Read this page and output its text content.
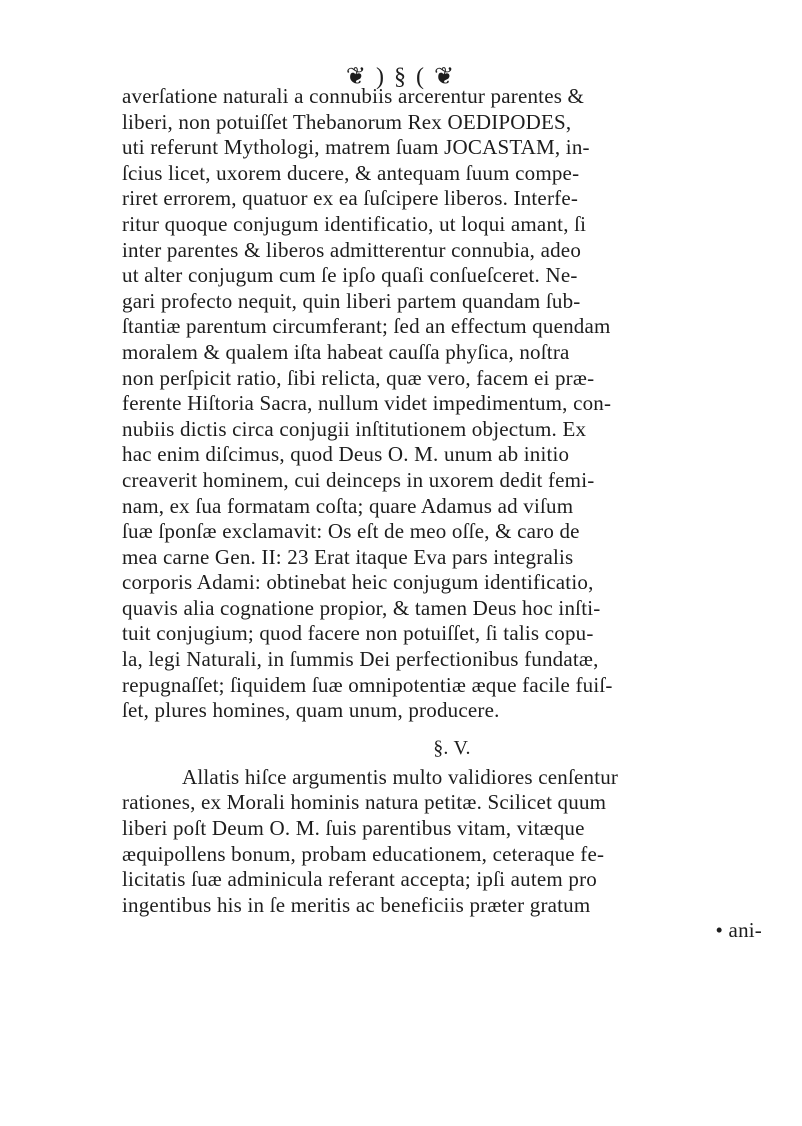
❦ ) § ( ❦
averſatione naturali a connubiis arcerentur parentes &
liberi, non potuiſſet Thebanorum Rex OEDIPODES,
uti referunt Mythologi, matrem ſuam JOCASTAM, in-
ſcius licet, uxorem ducere, & antequam ſuum compe-
riret errorem, quatuor ex ea ſuſcipere liberos. Interfe-
ritur quoque conjugum identificatio, ut loqui amant, ſi
inter parentes & liberos admitterentur connubia, adeo
ut alter conjugum cum ſe ipſo quaſi conſueſceret. Ne-
gari profecto nequit, quin liberi partem quandam ſub-
ſtantiæ parentum circumferant; ſed an effectum quendam
moralem & qualem iſta habeat cauſſa phyſica, noſtra
non perſpicit ratio, ſibi relicta, quæ vero, facem ei præ-
ferente Hiſtoria Sacra, nullum videt impedimentum, con-
nubiis dictis circa conjugii inſtitutionem objectum. Ex
hac enim diſcimus, quod Deus O. M. unum ab initio
creaverit hominem, cui deinceps in uxorem dedit femi-
nam, ex ſua formatam coſta; quare Adamus ad viſum
ſuæ ſponſæ exclamavit: Os eſt de meo oſſe, & caro de
mea carne Gen. II: 23 Erat itaque Eva pars integralis
corporis Adami: obtinebat heic conjugum identificatio,
quavis alia cognatione propior, & tamen Deus hoc inſti-
tuit conjugium; quod facere non potuiſſet, ſi talis copu-
la, legi Naturali, in ſummis Dei perfectionibus fundatæ,
repugnaſſet; ſiquidem ſuæ omnipotentiæ æque facile fuiſ-
ſet, plures homines, quam unum, producere.
§. V.
Allatis hiſce argumentis multo validiores cenſentur
rationes, ex Morali hominis natura petitæ. Scilicet quum
liberi poſt Deum O. M. ſuis parentibus vitam, vitæque
æquipollens bonum, probam educationem, ceteraque fe-
licitatis ſuæ adminicula referant accepta; ipſi autem pro
ingentibus his in ſe meritis ac beneficiis præter gratum
• ani-
